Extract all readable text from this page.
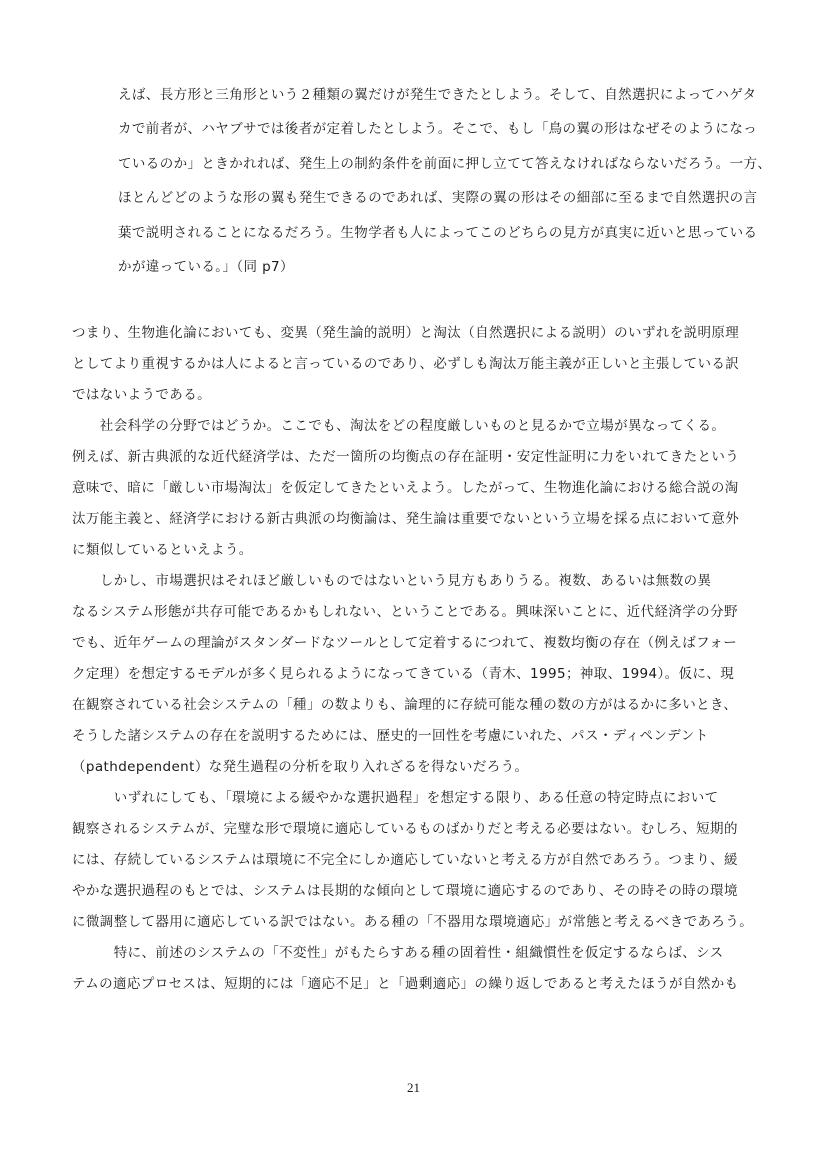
えば、長方形と三角形という２種類の翼だけが発生できたとしよう。そして、自然選択によってハゲタ
カで前者が、ハヤブサでは後者が定着したとしよう。そこで、もし「鳥の翼の形はなぜそのようになっ
ているのか」ときかれれば、発生上の制約条件を前面に押し立てて答えなければならないだろう。一方、
ほとんどどのような形の翼も発生できるのであれば、実際の翼の形はその細部に至るまで自然選択の言
葉で説明されることになるだろう。生物学者も人によってこのどちらの見方が真実に近いと思っている
かが違っている。」（同 p7）
つまり、生物進化論においても、変異（発生論的説明）と淘汰（自然選択による説明）のいずれを説明原理
としてより重視するかは人によると言っているのであり、必ずしも淘汰万能主義が正しいと主張している訳
ではないようである。
　　社会科学の分野ではどうか。ここでも、淘汰をどの程度厳しいものと見るかで立場が異なってくる。
例えば、新古典派的な近代経済学は、ただ一箇所の均衡点の存在証明・安定性証明に力をいれてきたという
意味で、暗に「厳しい市場淘汰」を仮定してきたといえよう。したがって、生物進化論における総合説の淘
汰万能主義と、経済学における新古典派の均衡論は、発生論は重要でないという立場を採る点において意外
に類似しているといえよう。
　　しかし、市場選択はそれほど厳しいものではないという見方もありうる。複数、あるいは無数の異
なるシステム形態が共存可能であるかもしれない、ということである。興味深いことに、近代経済学の分野
でも、近年ゲームの理論がスタンダードなツールとして定着するにつれて、複数均衡の存在（例えばフォー
ク定理）を想定するモデルが多く見られるようになってきている（青木、1995；神取、1994）。仮に、現
在観察されている社会システムの「種」の数よりも、論理的に存続可能な種の数の方がはるかに多いとき、
そうした諸システムの存在を説明するためには、歴史的一回性を考慮にいれた、パス・ディペンデント
（pathdependent）な発生過程の分析を取り入れざるを得ないだろう。
　　　いずれにしても、「環境による緩やかな選択過程」を想定する限り、ある任意の特定時点において
観察されるシステムが、完璧な形で環境に適応しているものばかりだと考える必要はない。むしろ、短期的
には、存続しているシステムは環境に不完全にしか適応していないと考える方が自然であろう。つまり、緩
やかな選択過程のもとでは、システムは長期的な傾向として環境に適応するのであり、その時その時の環境
に微調整して器用に適応している訳ではない。ある種の「不器用な環境適応」が常態と考えるべきであろう。
　　　特に、前述のシステムの「不変性」がもたらすある種の固着性・組織慣性を仮定するならば、シス
テムの適応プロセスは、短期的には「適応不足」と「過剰適応」の繰り返しであると考えたほうが自然かも
21
